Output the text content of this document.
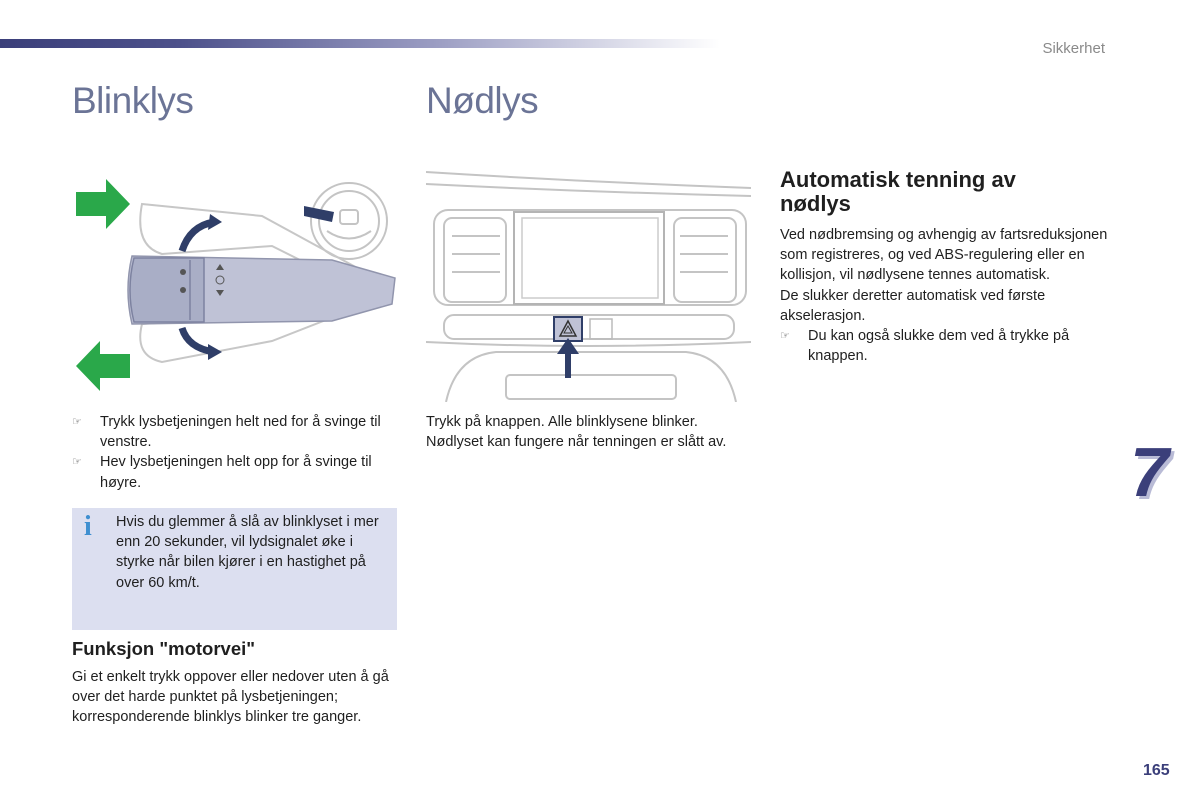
Sikkerhet
Blinklys	Nødlys
☞ Trykk lysbetjeningen helt ned for å svinge til venstre.
☞ Hev lysbetjeningen helt opp for å svinge til høyre.
i Hvis du glemmer å slå av blinklyset i mer enn 20 sekunder, vil lydsignalet øke i styrke når bilen kjører i en hastighet på over 60 km/t.
Funksjon "motorvei"
Gi et enkelt trykk oppover eller nedover uten å gå over det harde punktet på lysbetjeningen; korresponderende blinklys blinker tre ganger.
Trykk på knappen. Alle blinklysene blinker.
Nødlyset kan fungere når tenningen er slått av.
Automatisk tenning av
nødlys
Ved nødbremsing og avhengig av fartsreduksjonen som registreres, og ved ABS-regulering eller en kollisjon, vil nødlysene tennes automatisk.
De slukker deretter automatisk ved første akselerasjon.
☞ Du kan også slukke dem ved å trykke på knappen.
7
165
